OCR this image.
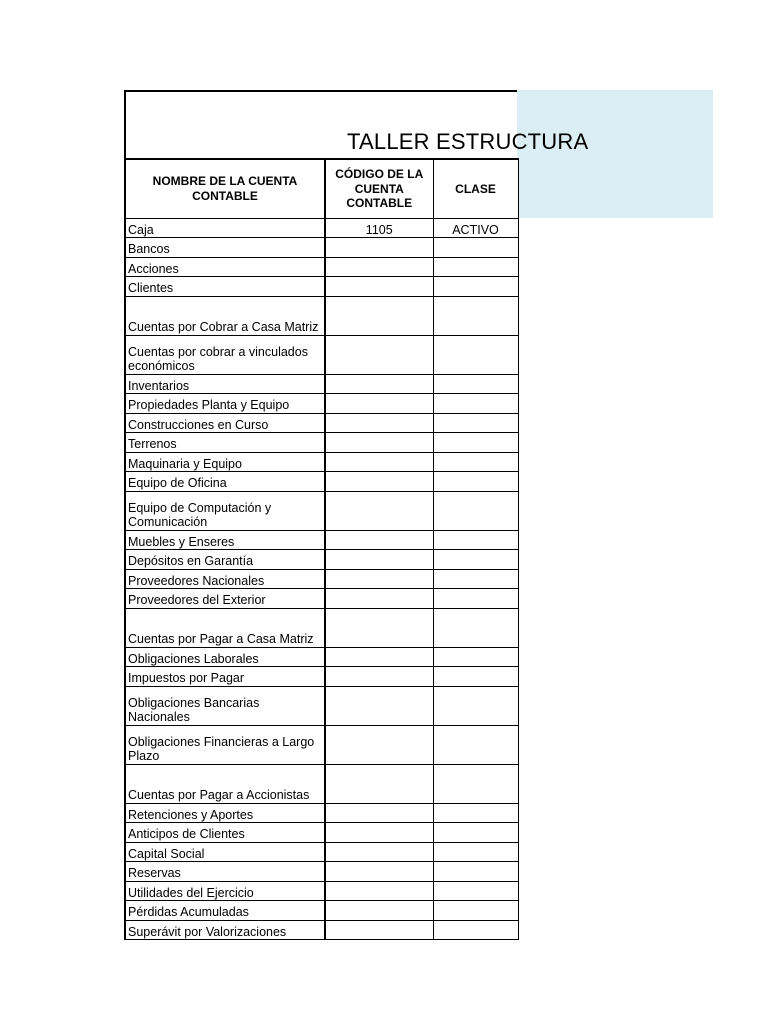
TALLER ESTRUCTURA
NOMBRE DE LA CUENTA CONTABLE	CÓDIGO DE LA CUENTA CONTABLE	CLASE
Caja	1105	ACTIVO
Bancos		
Acciones		
Clientes		
Cuentas por Cobrar a Casa Matriz		
Cuentas por cobrar a vinculados económicos		
Inventarios		
Propiedades Planta y Equipo		
Construcciones en Curso		
Terrenos		
Maquinaria y Equipo		
Equipo de Oficina		
Equipo de Computación y Comunicación		
Muebles y Enseres		
Depósitos en Garantía		
Proveedores Nacionales		
Proveedores del Exterior		
Cuentas por Pagar a Casa Matriz		
Obligaciones Laborales		
Impuestos por Pagar		
Obligaciones Bancarias Nacionales		
Obligaciones Financieras a Largo Plazo		
Cuentas por Pagar a Accionistas		
Retenciones y Aportes		
Anticipos de Clientes		
Capital Social		
Reservas		
Utilidades del Ejercicio		
Pérdidas Acumuladas		
Superávit por Valorizaciones		
